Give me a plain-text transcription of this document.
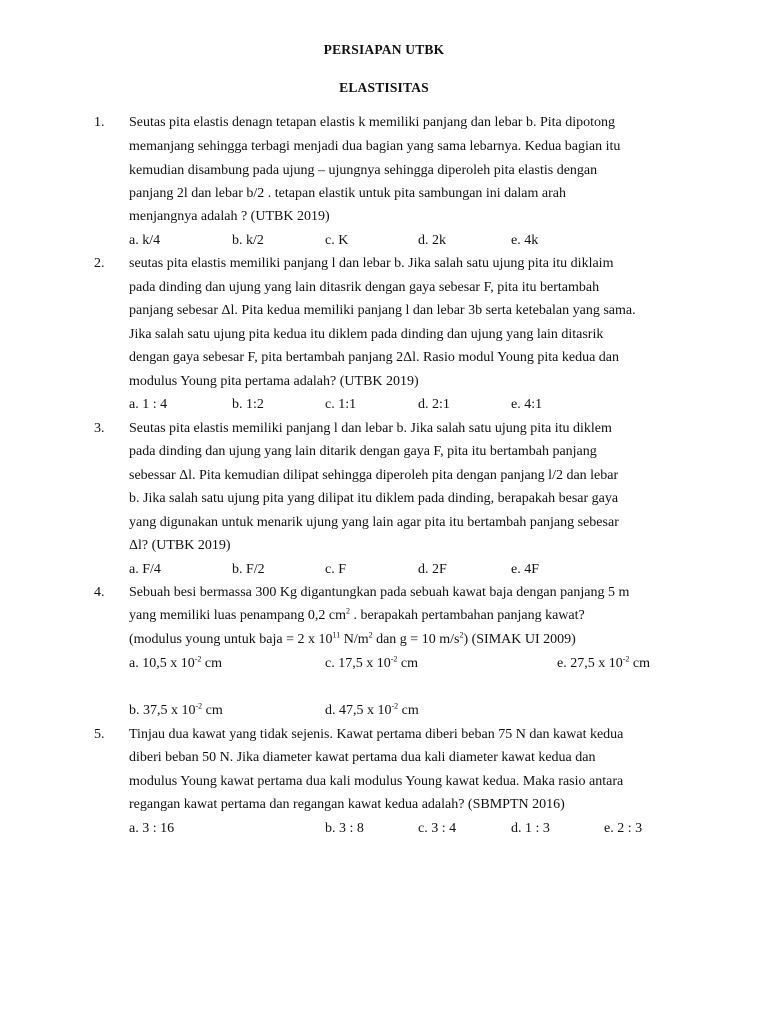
PERSIAPAN UTBK
ELASTISITAS
1. Seutas pita elastis denagn tetapan elastis k memiliki panjang dan lebar b. Pita dipotong
memanjang sehingga terbagi menjadi dua bagian yang sama lebarnya. Kedua bagian itu
kemudian disambung pada ujung – ujungnya sehingga diperoleh pita elastis dengan
panjang 2l dan lebar b/2 . tetapan elastik untuk pita sambungan ini dalam arah
menjangnya adalah ? (UTBK 2019)
a. k/4	b. k/2	c. K	d. 2k	e. 4k
2. seutas pita elastis memiliki panjang l dan lebar b. Jika salah satu ujung pita itu diklaim
pada dinding dan ujung yang lain ditasrik dengan gaya sebesar F, pita itu bertambah
panjang sebesar Δl. Pita kedua memiliki panjang l dan lebar 3b serta ketebalan yang sama.
Jika salah satu ujung pita kedua itu diklem pada dinding dan ujung yang lain ditasrik
dengan gaya sebesar F, pita bertambah panjang 2Δl. Rasio modul Young pita kedua dan
modulus Young pita pertama adalah? (UTBK 2019)
a. 1 : 4	b. 1:2	c. 1:1	d. 2:1	e. 4:1
3. Seutas pita elastis memiliki panjang l dan lebar b. Jika salah satu ujung pita itu diklem
pada dinding dan ujung yang lain ditarik dengan gaya F, pita itu bertambah panjang
sebessar Δl. Pita kemudian dilipat sehingga diperoleh pita dengan panjang l/2 dan lebar
b. Jika salah satu ujung pita yang dilipat itu diklem pada dinding, berapakah besar gaya
yang digunakan untuk menarik ujung yang lain agar pita itu bertambah panjang sebesar
Δl? (UTBK 2019)
a. F/4	b. F/2	c. F	d. 2F	e. 4F
4. Sebuah besi bermassa 300 Kg digantungkan pada sebuah kawat baja dengan panjang 5 m
yang memiliki luas penampang 0,2 $cm^2$ . berapakah pertambahan panjang kawat?
(modulus young untuk baja = 2 x $10^{11}$ $N/m^2$ dan g = 10 $m/s^2$) (SIMAK UI 2009)
a. 10,5 x $10^{-2}$ cm	c. 17,5 x $10^{-2}$ cm	e. 27,5 x $10^{-2}$ cm
b. 37,5 x $10^{-2}$ cm	d. 47,5 x $10^{-2}$ cm
5. Tinjau dua kawat yang tidak sejenis. Kawat pertama diberi beban 75 N dan kawat kedua
diberi beban 50 N. Jika diameter kawat pertama dua kali diameter kawat kedua dan
modulus Young kawat pertama dua kali modulus Young kawat kedua. Maka rasio antara
regangan kawat pertama dan regangan kawat kedua adalah? (SBMPTN 2016)
a. 3 : 16	b. 3 : 8	c. 3 : 4	d. 1 : 3	e. 2 : 3
